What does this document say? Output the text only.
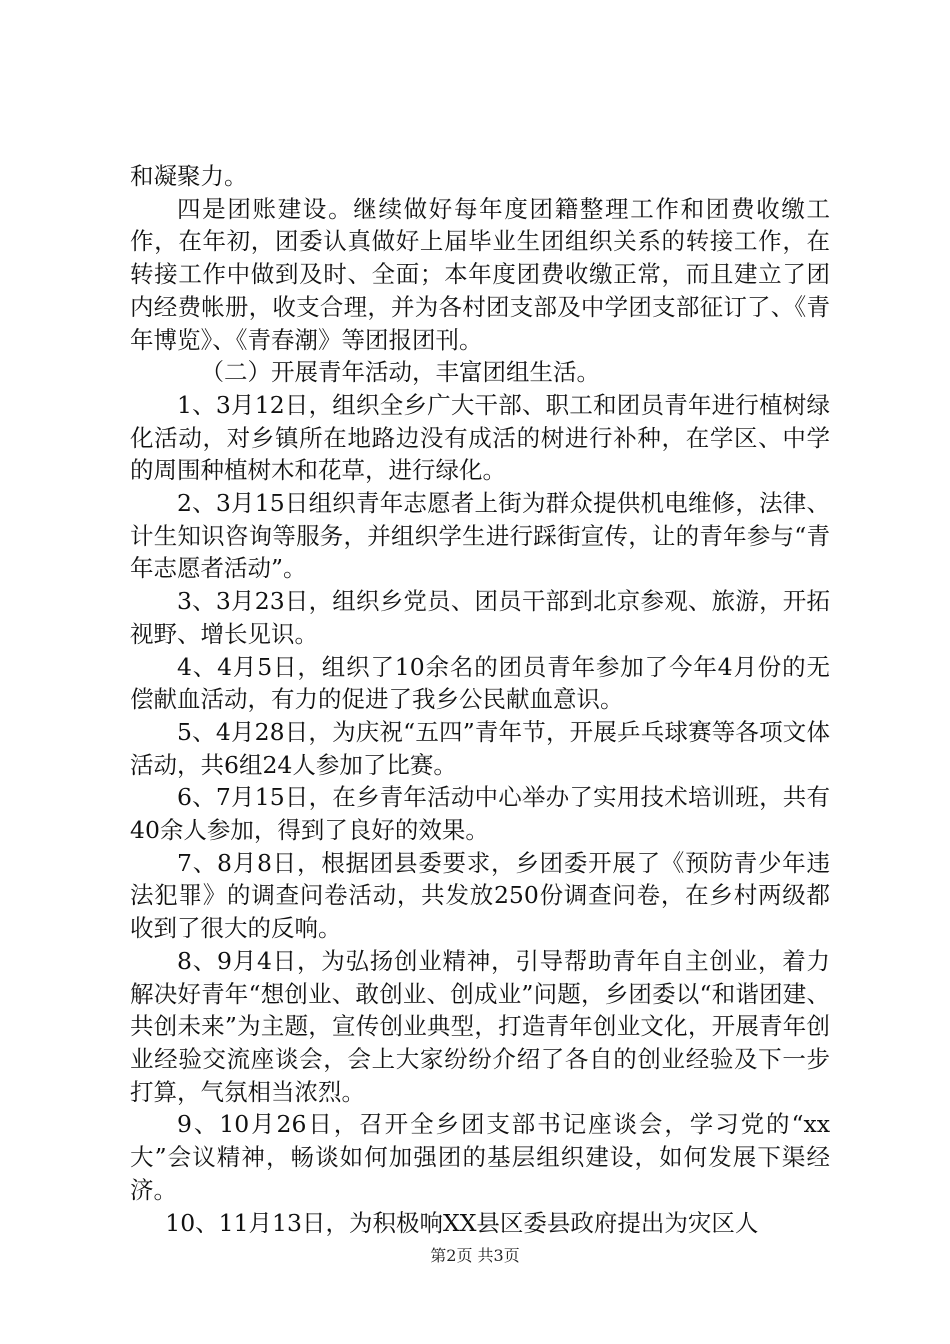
和凝聚力。

四是团账建设。继续做好每年度团籍整理工作和团费收缴工作，在年初，团委认真做好上届毕业生团组织关系的转接工作，在转接工作中做到及时、全面；本年度团费收缴正常，而且建立了团内经费帐册，收支合理，并为各村团支部及中学团支部征订了、《青年博览》、《青春潮》等团报团刊。

（二）开展青年活动，丰富团组生活。

1、3月12日，组织全乡广大干部、职工和团员青年进行植树绿化活动，对乡镇所在地路边没有成活的树进行补种，在学区、中学的周围种植树木和花草，进行绿化。

2、3月15日组织青年志愿者上街为群众提供机电维修，法律、计生知识咨询等服务，并组织学生进行踩街宣传，让的青年参与“青年志愿者活动”。

3、3月23日，组织乡党员、团员干部到北京参观、旅游，开拓视野、增长见识。

4、4月5日，组织了10余名的团员青年参加了今年4月份的无偿献血活动，有力的促进了我乡公民献血意识。

5、4月28日，为庆祝“五四”青年节，开展乒乓球赛等各项文体活动，共6组24人参加了比赛。

6、7月15日，在乡青年活动中心举办了实用技术培训班，共有40余人参加，得到了良好的效果。

7、8月8日，根据团县委要求，乡团委开展了《预防青少年违法犯罪》的调查问卷活动，共发放250份调查问卷，在乡村两级都收到了很大的反响。

8、9月4日，为弘扬创业精神，引导帮助青年自主创业，着力解决好青年“想创业、敢创业、创成业”问题，乡团委以“和谐团建、共创未来”为主题，宣传创业典型，打造青年创业文化，开展青年创业经验交流座谈会，会上大家纷纷介绍了各自的创业经验及下一步打算，气氛相当浓烈。

9、10月26日，召开全乡团支部书记座谈会，学习党的“xx大”会议精神，畅谈如何加强团的基层组织建设，如何发展下渠经济。

10、11月13日，为积极响XX县区委县政府提出为灾区人

第2页 共3页
